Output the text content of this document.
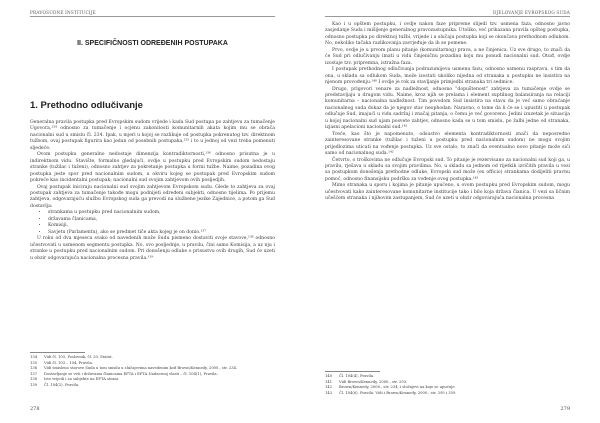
PRAVOSUDNE INSTITUCIJE
II. SPECIFIČNOSTI ODREĐENIH POSTUPAKA
1. Prethodno odlučivanje

Generalna pravila postupka pred Evropskim sudom vrijede i kada Sud postupa po zahtjevu za tumačenje Ugovora,¹³⁴ odnosno za tumačenje i ocjenu zakonitosti komunitarnih akata kojim mu se obrača nacionalni sud u smislu čl. 234. Ipak, u mjeri u kojoj se razlikuje od postupka pokrenutog tzv. direktnom tužbom, ovaj postupak figurira kao jedan od posebnih postupaka,¹³⁵ i to u jednoj od vezi treba pomenuti sljedeće.

Ovom postupku generalno nedostaje dimenzija kontradiktornosti,¹³⁶ odnosno prisutna je u indirektnom vidu. Stavište, formalno gledajući, ovdje u postupku pred Evropskim sudom nedostaju stranke (tužilac i tuženi), odnosno zahtjev za pokretanje postupka u formi tužbe. Naime, pozadina ovog postupka jeste spor pred nacionalnim sudom, u okviru kojeg se postupak pred Evropskim sudom pokreće kao incidentalni postupak; nacionalni sud svojim zahtjevom ovih posljedjih.

Ovaj postupak iniciraju nacionalni sud svojim zahtjevom Evropskom sudu. Glede to zahtjeva za ovaj postupak zahtjeva za tumačenje takođe mogu podnijeti određeni subjekti, odnosno tijelima. Po prijemu zahtjeva, odgovarajuću službu Evropskog suda ga prevodi na službene jezike Zajednice, a potom ga Sud dostavlja:

• strankama u postupku pred nacionalnim sudom,
• državama članicama,
• Komisiji,
• Savjetu (Parlamentu), ako se predmet tiče akta kojeg je on donio.¹³⁷

U roku od dva mjeseca svako od navedenih može Sudu pismeno dostaviti svoje stavove,¹³⁸ odnosno učestvovati u usmenom segmentu postupka. No, ovo posljednje, u pravilu, čini samo Komisija, a uz nju i stranke u postupku pred nacionalnim sudom. Pri donošenju odluke o prisustvu ovih drugih, Sud će uzeti u obzir odgovarajuća nacionalna procesna pravila.¹³⁹

134	Vidi čl. 103, Poslovnik, čl. 20, Statut.
135	Vidi čl. 103 – 104, Pravila.
136	Vidi smisleno stavove Suda u tom smislu u slučajevima navedenim kod Brown/Kennedy, 2000., str. 234.
137	Dostavljanje se vrši i državama članicama EFTA i EFTA Nadzornoj vlasti – čl. 104(1), Pravila.
138	Isto vrijedi i za subjekte na EFTA strani.
139	Čl. 104(2), Pravila.
278
DJELOVANJE EVROPSKOG SUDA

Kao i u opštem postupku, i ovdje nakon faze pripreme slijedi tzv. usmena faza, odnosno javno zasjedanje Suda i mišljenje generalnog pravozastupnika. Utoliko, već prikazana pravila opšteg postupka, odnosno postupka po direktnoj tužbi, vrijede i u slučaju postupka koji se okončava prethodnom odlukom. No, nekoliko tačaka razlikovanja zavrjeđuje da ih se pomene.

Prvo, ovdje je u prvom planu pitanje (komunitarnog) prava, a ne činjenica. Uz sve drugo, to znači da će Sud pri odlučivanju imati u vidu činjeničnu pozadinu koju mu ponudi nacionalni sud. Otuđ, ovdje izostaje tzv. pripremna, istražna faza.

I postupak prethodnog odlučivanja podrazumijeva usmenu fazu, odnosno usmenu raspravu, s tim da ona, u skladu sa odlukom Suda, može izostati ukoliko nijedna od stranaka u postupku ne insistira na njenom provođenju.¹⁴⁰ I ovdje je rok za stavljanje primjedbi stranaka tri sedmice.

Drugo, prigovori venare za nadležnost, odnosno "dopuštenost" zahtjeva za tumačenje ovdje se predstavljaju u drugom vidu. Naime, kroz njih se prelama i element suptilnog balansiranja na relaciji komunitarna – nacionalna nadležnost. Tim povodom Sud insistira na stavu da je već samo obraćanje nacionalnog suda dokaz da je njegov stav neophodan. Naravno, o tome da li će se i upustiti u postupak odlučuje Sud, imajući u vidu sadržaj i značaj pitanja, o čemu je već govoreno. Jedini izuzetak je situacija u kojoj nacionalni sud ujam posvete zahtjev, odnosno kada se u tom smislu, po žalbi jedne od stranaka, izjasni apelacioni nacionalni sud.¹⁴¹

Treće, kao što je napomenuto, odsustvo elementa kontradiktornosti znači da neposredno zainteresovane stranke (tužilac i tuženi u postupku pred nacionalnim sudom) ne mogu svojim prijedlozima uticati na vođenje postupka. Uz sve ostalo, to znači da eventualno novo pitanje može sići samo od nacionalnog suda.¹⁴²

Četvrto, o troškovima ne odlučuje Evropski sud. To pitanje je rezervisano za nacionalni sud koji ga, u pravilu, rješava u skladu sa svojim pravilima. No, u skladu sa jednom od rijetkih izričitih pravila u vezi sa postupkom donošenja prethodne odluke, Evropski sud može (ex officio) strankama dodijeliti pravnu pomoć, odnosno finansijsku podršku za vođenje ovog postupka.¹⁴³

Mimo stranaka u sporu i kojima je pitanje upućeno, u ovom postupku pred Evropskim sudom, mogu učestvovati kako zainteresovane komunitarne institucije tako i bilo koja država članica. U vezi sa ličnim učešćem stranaka i njihovim zastupanjem, Sud će uzeti u obzir odgovarajuća nacionalna procesna

140	Čl. 104(4), Pravila.
141	Vidi Brown/Kennedy, 2000., str. 293.
142	Brown/Kennedy, 2000., str. 234, i slučajevi na koje se upućuje.
143	Čl. 104(6), Pravila. Vidi i Brown/Kennedy, 2000., str. 295 i 359.
279
